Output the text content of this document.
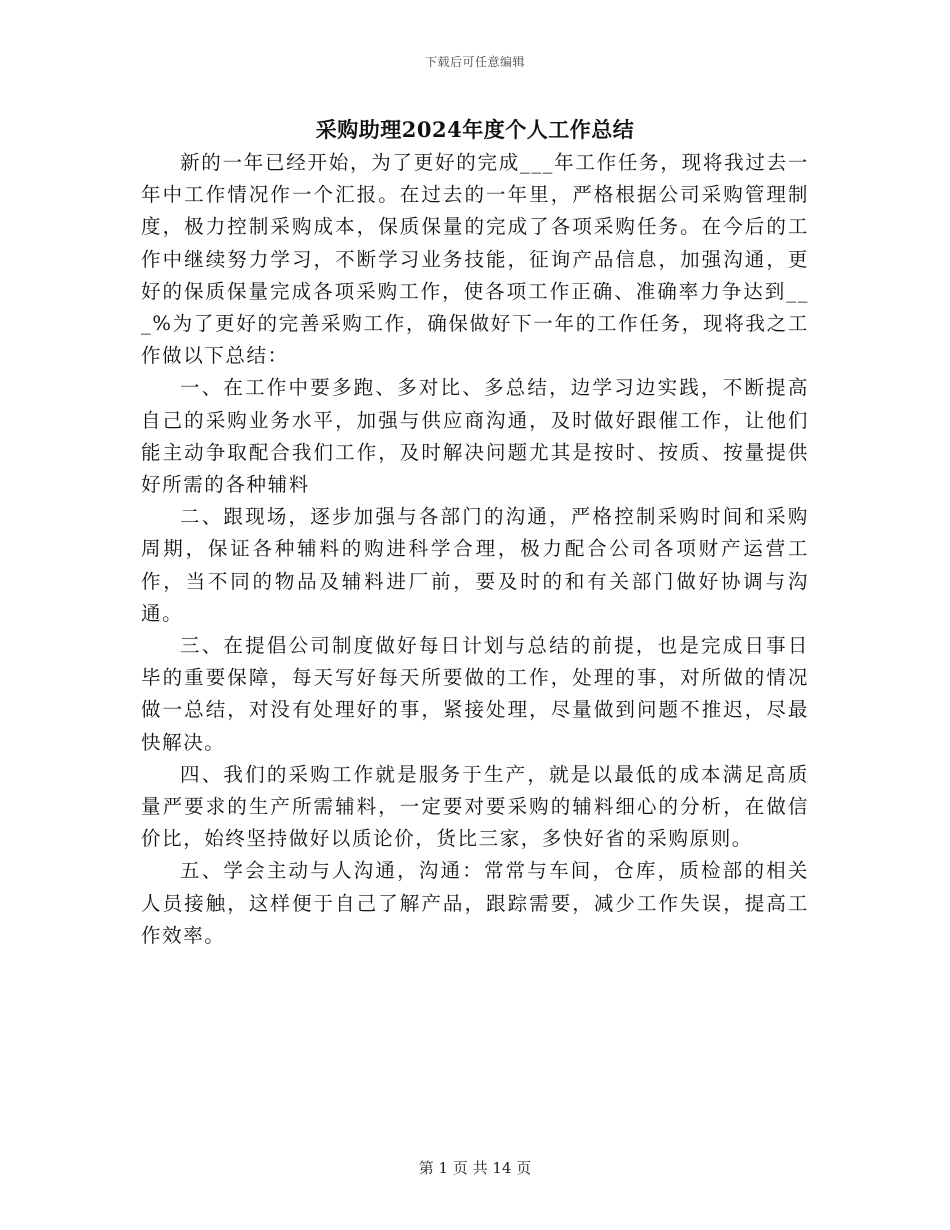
下载后可任意编辑
采购助理2024年度个人工作总结

新的一年已经开始，为了更好的完成___年工作任务，现将我过去一年中工作情况作一个汇报。在过去的一年里，严格根据公司采购管理制度，极力控制采购成本，保质保量的完成了各项采购任务。在今后的工作中继续努力学习，不断学习业务技能，征询产品信息，加强沟通，更好的保质保量完成各项采购工作，使各项工作正确、准确率力争达到___%为了更好的完善采购工作，确保做好下一年的工作任务，现将我之工作做以下总结：

一、在工作中要多跑、多对比、多总结，边学习边实践，不断提高自己的采购业务水平，加强与供应商沟通，及时做好跟催工作，让他们能主动争取配合我们工作，及时解决问题尤其是按时、按质、按量提供好所需的各种辅料

二、跟现场，逐步加强与各部门的沟通，严格控制采购时间和采购周期，保证各种辅料的购进科学合理，极力配合公司各项财产运营工作，当不同的物品及辅料进厂前，要及时的和有关部门做好协调与沟通。

三、在提倡公司制度做好每日计划与总结的前提，也是完成日事日毕的重要保障，每天写好每天所要做的工作，处理的事，对所做的情况做一总结，对没有处理好的事，紧接处理，尽量做到问题不推迟，尽最快解决。

四、我们的采购工作就是服务于生产，就是以最低的成本满足高质量严要求的生产所需辅料，一定要对要采购的辅料细心的分析，在做信价比，始终坚持做好以质论价，货比三家，多快好省的采购原则。

五、学会主动与人沟通，沟通：常常与车间，仓库，质检部的相关人员接触，这样便于自己了解产品，跟踪需要，减少工作失误，提高工作效率。

第 1 页 共 14 页
